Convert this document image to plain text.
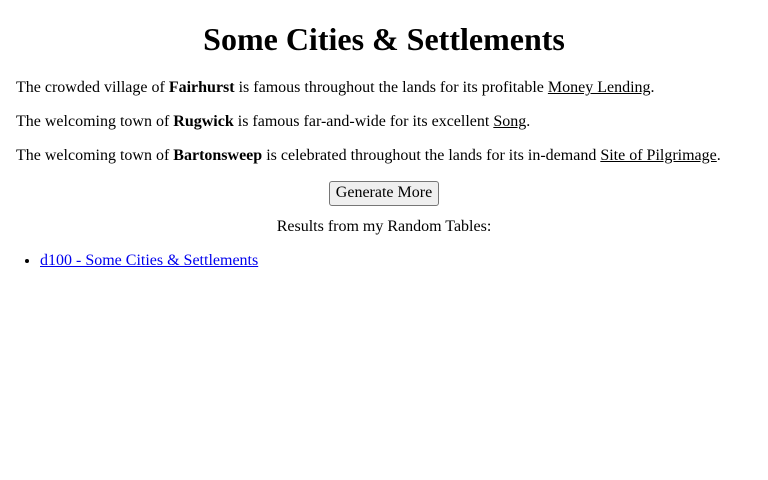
Some Cities & Settlements

The crowded village of Fairhurst is famous throughout the lands for its profitable Money Lending.

The welcoming town of Rugwick is famous far-and-wide for its excellent Song.

The welcoming town of Bartonsweep is celebrated throughout the lands for its in-demand Site of Pilgrimage.

Generate More

Results from my Random Tables:

• d100 - Some Cities & Settlements
